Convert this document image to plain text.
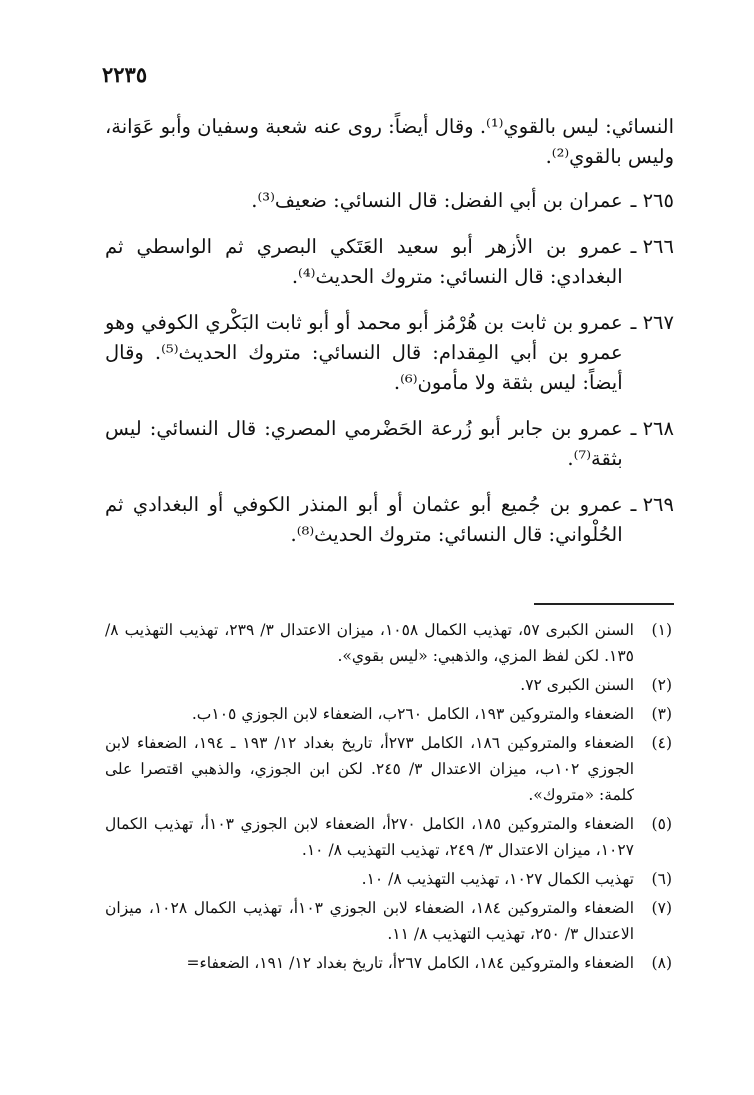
٢٢٣٥

النسائي: ليس بالقوي⁽¹⁾. وقال أيضاً: روى عنه شعبة وسفيان وأبو عَوَانة، وليس بالقوي⁽²⁾.

٢٦٥ ـ
عمران بن أبي الفضل: قال النسائي: ضعيف⁽³⁾.
٢٦٦ ـ
عمرو بن الأزهر أبو سعيد العَتَكي البصري ثم الواسطي ثم البغدادي: قال النسائي: متروك الحديث⁽⁴⁾.
٢٦٧ ـ
عمرو بن ثابت بن هُرْمُز أبو محمد أو أبو ثابت البَكْري الكوفي وهو عمرو بن أبي المِقدام: قال النسائي: متروك الحديث⁽⁵⁾. وقال أيضاً: ليس بثقة ولا مأمون⁽⁶⁾.
٢٦٨ ـ
عمرو بن جابر أبو زُرعة الحَضْرمي المصري: قال النسائي: ليس بثقة⁽⁷⁾.
٢٦٩ ـ
عمرو بن جُميع أبو عثمان أو أبو المنذر الكوفي أو البغدادي ثم الحُلْواني: قال النسائي: متروك الحديث⁽⁸⁾.
(١)
السنن الكبرى ٥٧، تهذيب الكمال ١٠٥٨، ميزان الاعتدال ٣/ ٢٣٩، تهذيب التهذيب ٨/ ١٣٥. لكن لفظ المزي، والذهبي: «ليس بقوي».
(٢)
السنن الكبرى ٧٢.
(٣)
الضعفاء والمتروكين ١٩٣، الكامل ٢٦٠ب، الضعفاء لابن الجوزي ١٠٥ب.
(٤)
الضعفاء والمتروكين ١٨٦، الكامل ٢٧٣أ، تاريخ بغداد ١٢/ ١٩٣ ـ ١٩٤، الضعفاء لابن الجوزي ١٠٢ب، ميزان الاعتدال ٣/ ٢٤٥. لكن ابن الجوزي، والذهبي اقتصرا على كلمة: «متروك».
(٥)
الضعفاء والمتروكين ١٨٥، الكامل ٢٧٠أ، الضعفاء لابن الجوزي ١٠٣أ، تهذيب الكمال ١٠٢٧، ميزان الاعتدال ٣/ ٢٤٩، تهذيب التهذيب ٨/ ١٠.
(٦)
تهذيب الكمال ١٠٢٧، تهذيب التهذيب ٨/ ١٠.
(٧)
الضعفاء والمتروكين ١٨٤، الضعفاء لابن الجوزي ١٠٣أ، تهذيب الكمال ١٠٢٨، ميزان الاعتدال ٣/ ٢٥٠، تهذيب التهذيب ٨/ ١١.
(٨)
الضعفاء والمتروكين ١٨٤، الكامل ٢٦٧أ، تاريخ بغداد ١٢/ ١٩١، الضعفاء=
